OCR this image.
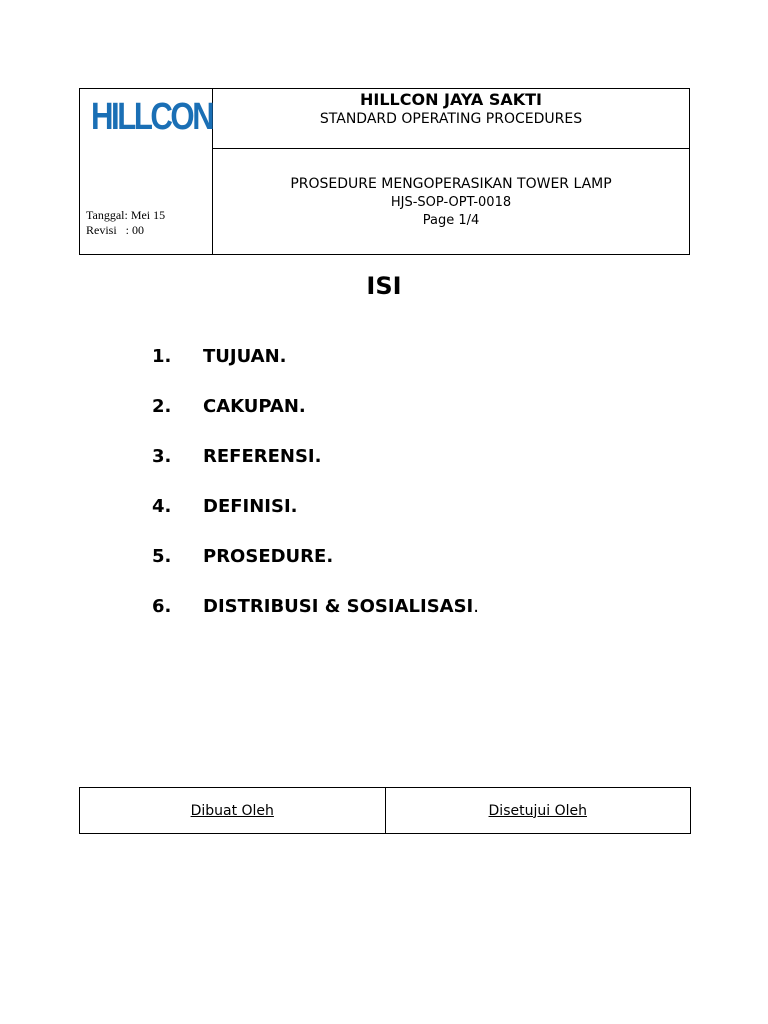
HILLCON
Tanggal: Mei 15
Revisi   : 00
HILLCON JAYA SAKTI
STANDARD OPERATING PROCEDURES
PROSEDURE MENGOPERASIKAN TOWER LAMP
HJS-SOP-OPT-0018
Page 1/4
ISI
1. TUJUAN.
2. CAKUPAN.
3. REFERENSI.
4. DEFINISI.
5. PROSEDURE.
6. DISTRIBUSI & SOSIALISASI.
Dibuat Oleh	Disetujui Oleh
